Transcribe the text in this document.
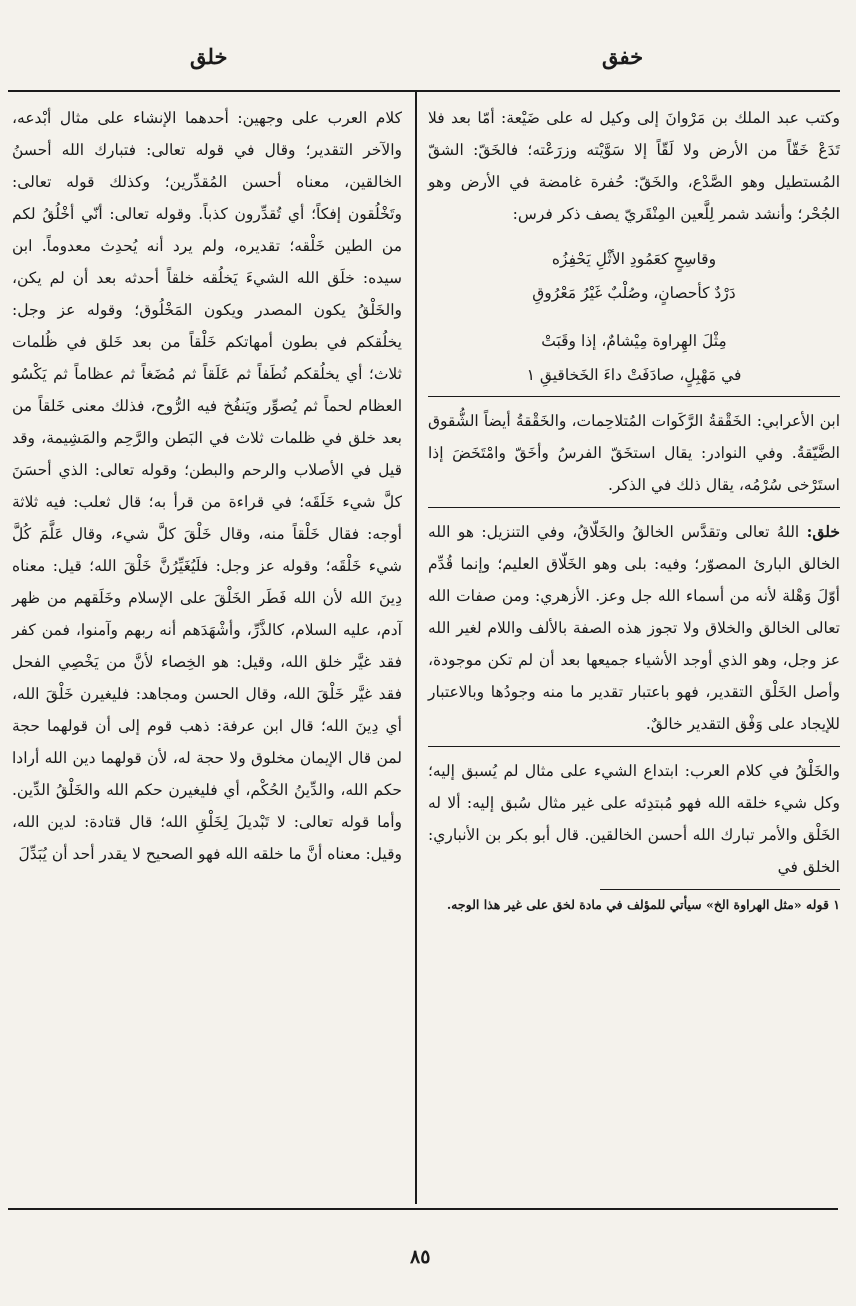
خلق	خفق

وكتب عبد الملك بن مَرْوانَ إلى وكيل له على ضَيْعة: أمّا بعد فلا تَدَعْ خَقّاً من الأرض ولا لَقّاً إلا سَوَّيْته وزرَعْته؛ فالخَقّ: الشقّ المُستطيل وهو الصَّدْع، والخَقّ: حُفرة غامضة في الأرض وهو الجُحْر؛ وأنشد شمر لِلَّعين المِنْقَريّ يصف ذكر فرس:

وقاسِحٍ كعَمُودِ الأثْلِ يَحْفِزُه

دَرْدٌ كأحصانٍ، وصُلْبٌ غَيْرُ مَعْرُوقِ

مِثْلَ الهِراوة مِيْشامٌ، إذا وقَبَتْ

في مَهْبِلٍ، صادَفَتْ داءَ الخَخاقيقِ ١

ابن الأعرابي: الخَقْقةُ الرَّكَوات المُتلاحِمات، والخَقْقةُ أيضاً الشُّقوق الضَّيّقةُ. وفي النوادر: يقال استخَقّ الفرسُ وأخَقّ وامْتَخَضَ إذا استَرْخى سُرْمُه، يقال ذلك في الذكر.

خلق: اللهُ تعالى وتقدَّس الخالقُ والخَلّاقُ، وفي التنزيل: هو الله الخالق البارئ المصوّر؛ وفيه: بلى وهو الخَلّاق العليم؛ وإنما قُدِّم أوّلَ وَهْلة لأنه من أسماء الله جل وعز. الأزهري: ومن صفات الله تعالى الخالق والخلاق ولا تجوز هذه الصفة بالألف واللام لغير الله عز وجل، وهو الذي أوجد الأشياء جميعها بعد أن لم تكن موجودة، وأصل الخَلْق التقدير، فهو باعتبار تقدير ما منه وجودُها وبالاعتبار للإيجاد على وَفْق التقدير خالقٌ.

والخَلْقُ في كلام العرب: ابتداع الشيء على مثال لم يُسبق إليه؛ وكل شيء خلقه الله فهو مُبتدِئه على غير مثال سُبق إليه: ألا له الخَلْق والأمر تبارك الله أحسن الخالقين. قال أبو بكر بن الأنباري: الخلق في

١ قوله «مثل الهراوة الخ» سيأتي للمؤلف في مادة لخق على غير هذا الوجه.

كلام العرب على وجهين: أحدهما الإنشاء على مثال أبْدعه، والآخر التقدير؛ وقال في قوله تعالى: فتبارك الله أحسنُ الخالقين، معناه أحسن المُقدِّرين؛ وكذلك قوله تعالى: وتَخْلُقون إفكاً؛ أي تُقدِّرون كذباً. وقوله تعالى: أنّي أخْلُقُ لكم من الطين خَلْقه؛ تقديره، ولم يرد أنه يُحدِث معدوماً. ابن سيده: خلَق الله الشيءَ يَخلُقه خلقاً أحدثه بعد أن لم يكن، والخَلْقُ يكون المصدر ويكون المَخْلُوق؛ وقوله عز وجل: يخلُقكم في بطون أمهاتكم خَلْقاً من بعد خَلق في ظُلمات ثلاث؛ أي يخلُقكم نُطَفاً ثم عَلَقاً ثم مُضَغاً ثم عظاماً ثم يَكْسُو العظام لحماً ثم يُصوِّر ويَنفُخ فيه الرُّوح، فذلك معنى خَلقاً من بعد خلق في ظلمات ثلاث في البَطن والرَّحِم والمَشِيمة، وقد قيل في الأصلاب والرحم والبطن؛ وقوله تعالى: الذي أحسَنَ كلَّ شيء خَلَقَه؛ في قراءة من قرأ به؛ قال ثعلب: فيه ثلاثة أوجه: فقال خَلْقاً منه، وقال خَلْقَ كلَّ شيء، وقال عَلَّمَ كُلَّ شيء خَلْقَه؛ وقوله عز وجل: فلَيُغَيِّرُنَّ خَلْقَ الله؛ قيل: معناه دِينَ الله لأن الله فَطَر الخَلْقَ على الإسلام وخَلَقهم من ظهر آدم، عليه السلام، كالذَّرِّ، وأشْهَدَهم أنه ربهم وآمنوا، فمن كفر فقد غيَّر خلق الله، وقيل: هو الخِصاء لأنَّ من يَخْصِي الفحل فقد غيَّر خَلْقَ الله، وقال الحسن ومجاهد: فليغيرن خَلْقَ الله، أي دِينَ الله؛ قال ابن عرفة: ذهب قوم إلى أن قولهما حجة لمن قال الإيمان مخلوق ولا حجة له، لأن قولهما دين الله أرادا حكم الله، والدِّينُ الحُكْم، أي فليغيرن حكم الله والخَلْقُ الدِّين. وأما قوله تعالى: لا تَبْديلَ لِخَلْقِ الله؛ قال قتادة: لدين الله، وقيل: معناه أنَّ ما خلقه الله فهو الصحيح لا يقدر أحد أن يُبَدِّلَ

٨٥
